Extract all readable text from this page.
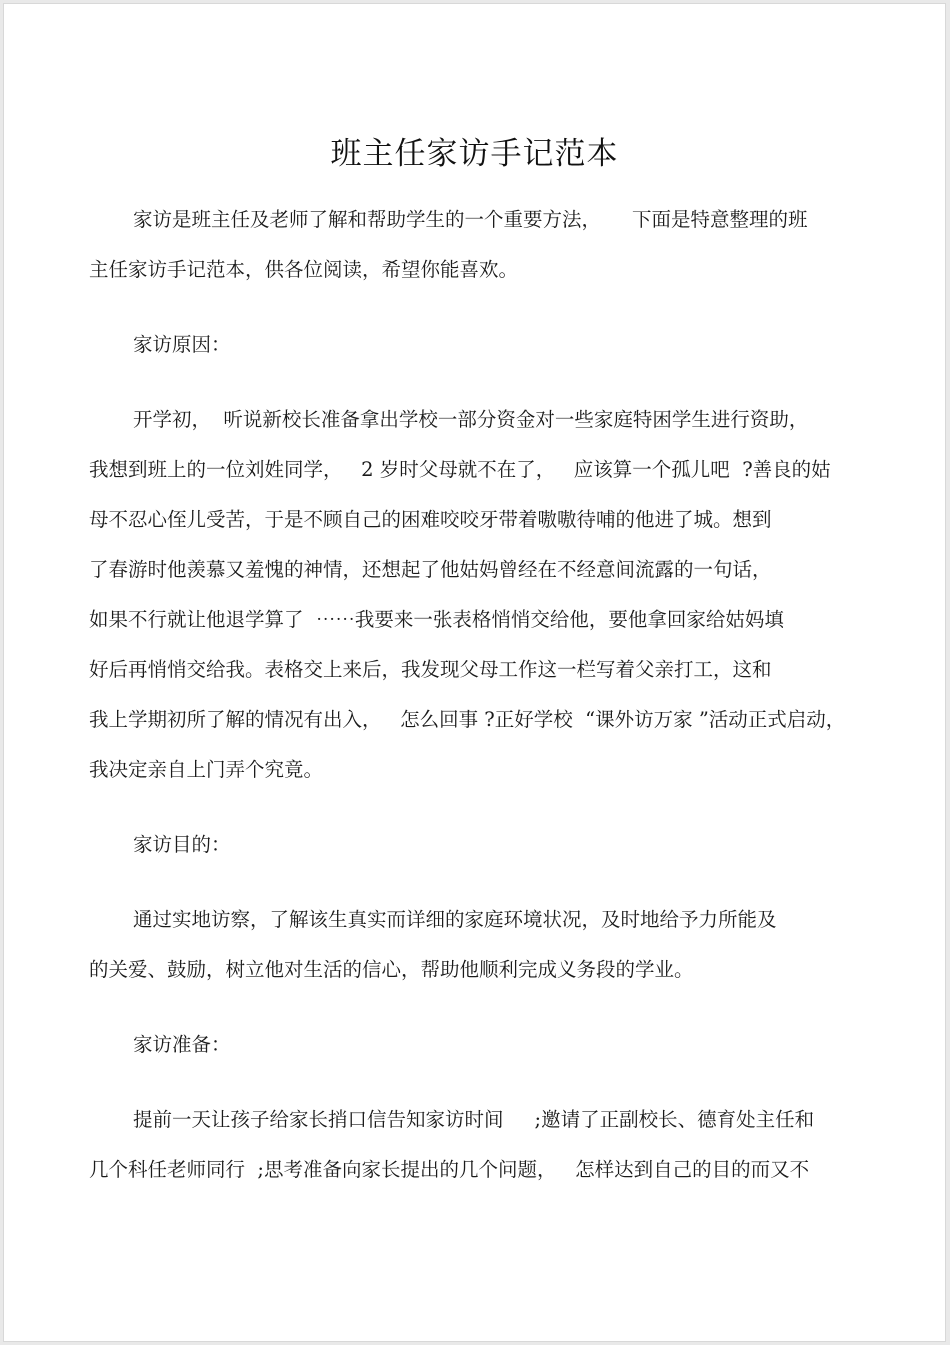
班主任家访手记范本
家访是班主任及老师了解和帮助学生的一个重要方法，     下面是特意整理的班
主任家访手记范本，供各位阅读，希望你能喜欢。
家访原因：
开学初，  听说新校长准备拿出学校一部分资金对一些家庭特困学生进行资助，
我想到班上的一位刘姓同学，   2 岁时父母就不在了，   应该算一个孤儿吧  ?善良的姑
母不忍心侄儿受苦，于是不顾自己的困难咬咬牙带着嗷嗷待哺的他进了城。想到
了春游时他羡慕又羞愧的神情，还想起了他姑妈曾经在不经意间流露的一句话，
如果不行就让他退学算了  ⋯⋯我要来一张表格悄悄交给他，要他拿回家给姑妈填
好后再悄悄交给我。表格交上来后，我发现父母工作这一栏写着父亲打工，这和
我上学期初所了解的情况有出入，   怎么回事 ?正好学校  “课外访万家 ”活动正式启动，
我决定亲自上门弄个究竟。
家访目的：
通过实地访察，了解该生真实而详细的家庭环境状况，及时地给予力所能及
的关爱、鼓励，树立他对生活的信心，帮助他顺利完成义务段的学业。
家访准备：
提前一天让孩子给家长捎口信告知家访时间     ;邀请了正副校长、德育处主任和
几个科任老师同行  ;思考准备向家长提出的几个问题，   怎样达到自己的目的而又不
